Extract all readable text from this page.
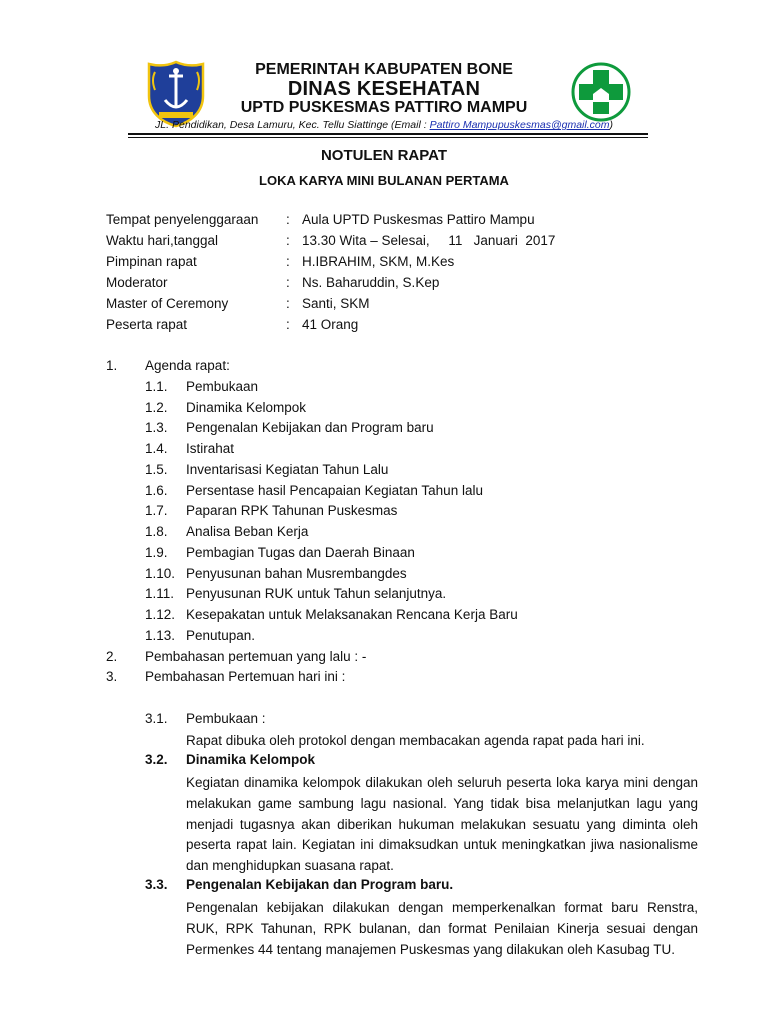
PEMERINTAH KABUPATEN BONE
DINAS KESEHATAN
UPTD PUSKESMAS PATTIRO MAMPU
JL. Pendidikan, Desa Lamuru, Kec. Tellu Siattinge (Email : Pattiro Mampupuskesmas@gmail.com)
NOTULEN RAPAT
LOKA KARYA MINI BULANAN PERTAMA
Tempat penyelenggaraan : Aula UPTD Puskesmas Pattiro Mampu
Waktu hari,tanggal	: 13.30 Wita – Selesai,     11   Januari  2017
Pimpinan rapat	: H.IBRAHIM, SKM, M.Kes
Moderator	: Ns. Baharuddin, S.Kep
Master of Ceremony	: Santi, SKM
Peserta rapat	: 41 Orang
1. Agenda rapat:
1.1. Pembukaan
1.2. Dinamika Kelompok
1.3. Pengenalan Kebijakan dan Program baru
1.4. Istirahat
1.5. Inventarisasi Kegiatan Tahun Lalu
1.6. Persentase hasil Pencapaian Kegiatan Tahun lalu
1.7. Paparan RPK Tahunan Puskesmas
1.8. Analisa Beban Kerja
1.9. Pembagian Tugas dan Daerah Binaan
1.10. Penyusunan bahan Musrembangdes
1.11. Penyusunan RUK untuk Tahun selanjutnya.
1.12. Kesepakatan untuk Melaksanakan Rencana Kerja Baru
1.13. Penutupan.
2. Pembahasan pertemuan yang lalu : -
3. Pembahasan Pertemuan hari ini :
3.1. Pembukaan :
Rapat dibuka oleh protokol dengan membacakan agenda rapat pada hari ini.
3.2. Dinamika Kelompok
Kegiatan dinamika kelompok dilakukan oleh seluruh peserta loka karya mini dengan melakukan game sambung lagu nasional. Yang tidak bisa melanjutkan lagu yang menjadi tugasnya akan diberikan hukuman melakukan sesuatu yang diminta oleh peserta rapat lain. Kegiatan ini dimaksudkan untuk meningkatkan jiwa nasionalisme dan menghidupkan suasana rapat.
3.3. Pengenalan Kebijakan dan Program baru.
Pengenalan kebijakan dilakukan dengan memperkenalkan format baru Renstra, RUK, RPK Tahunan, RPK bulanan, dan format Penilaian Kinerja sesuai dengan Permenkes 44 tentang manajemen Puskesmas yang dilakukan oleh Kasubag TU.
